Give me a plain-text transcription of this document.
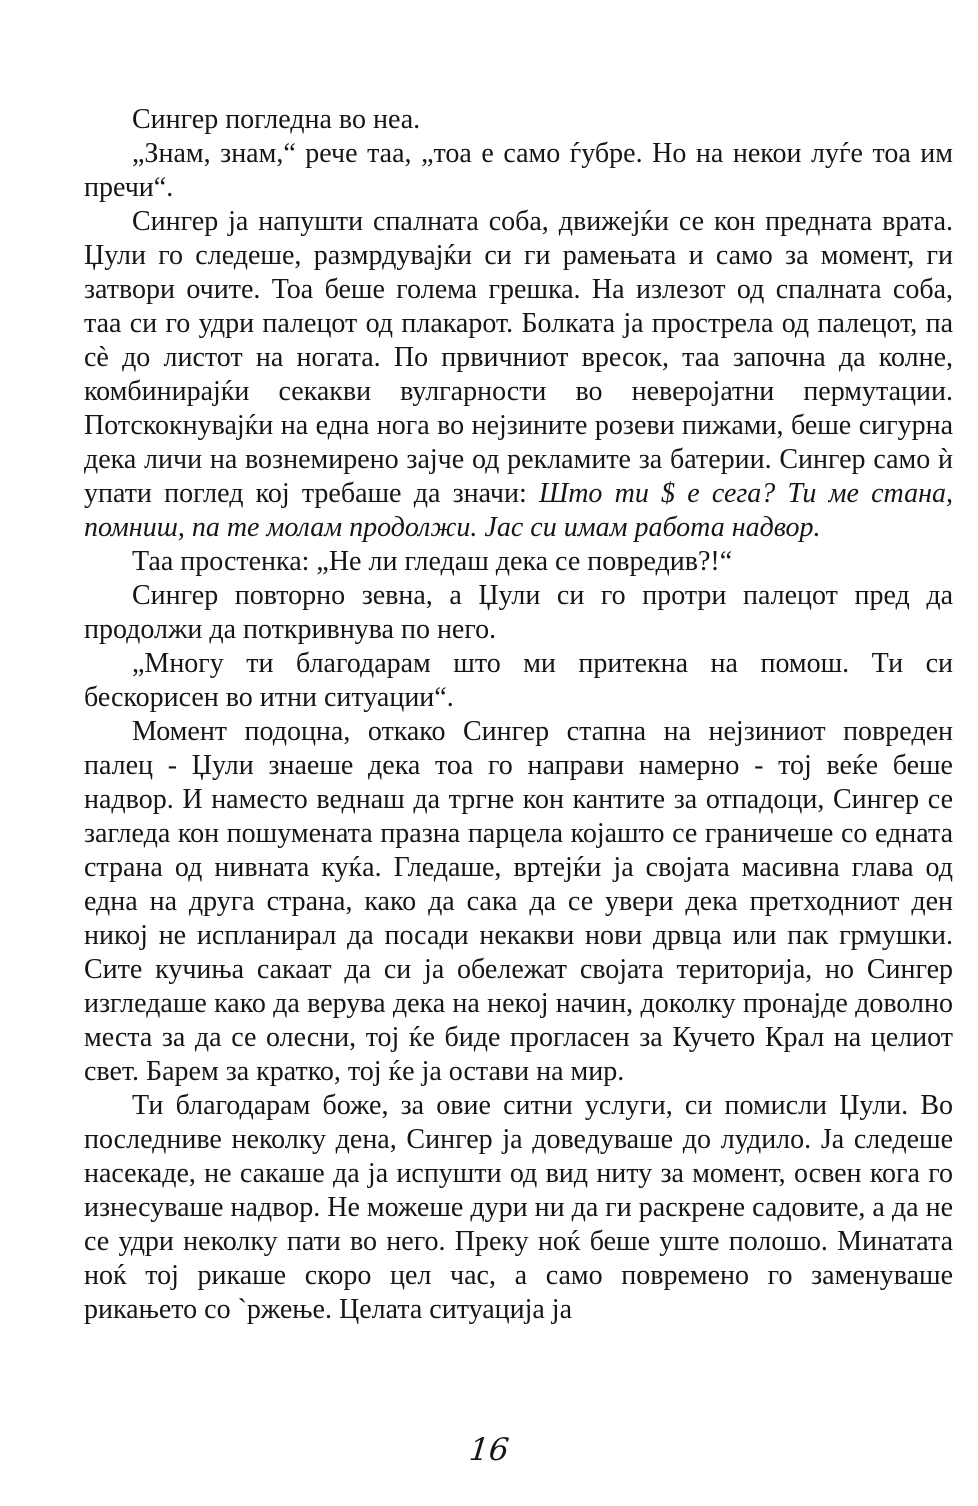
Сингер погледна во неа.

„Знам, знам,“ рече таа, „тоа е само ѓубре. Но на некои луѓе тоа им пречи“.

Сингер ја напушти спалната соба, движејќи се кон предната врата. Џули го следеше, размрдувајќи си ги рамењата и само за момент, ги затвори очите. Тоа беше голема грешка. На излезот од спалната соба, таа си го удри палецот од плакарот. Болката ја прострела од палецот, па сѐ до листот на ногата. По првичниот вресок, таа започна да колне, комбинирајќи секакви вулгарности во неверојатни пермутации. Потскокнувајќи на една нога во нејзините розеви пижами, беше сигурна дека личи на вознемирено зајче од рекламите за батерии. Сингер само ѝ упати поглед кој требаше да значи: Што ти $ е сега? Ти ме стана, помниш, па те молам продолжи. Јас си имам работа надвор.

Таа простенка: „Не ли гледаш дека се повредив?!“

Сингер повторно зевна, а Џули си го протри палецот пред да продолжи да поткривнува по него.

„Многу ти благодарам што ми притекна на помош. Ти си бескорисен во итни ситуации“.

Момент подоцна, откако Сингер стапна на нејзиниот повреден палец - Џули знаеше дека тоа го направи намерно - тој веќе беше надвор. И наместо веднаш да тргне кон кантите за отпадоци, Сингер се загледа кон пошумената празна парцела којашто се граничеше со едната страна од нивната куќа. Гледаше, вртејќи ја својата масивна глава од една на друга страна, како да сака да се увери дека претходниот ден никој не испланирал да посади некакви нови дрвца или пак грмушки. Сите кучиња сакаат да си ја обележат својата територија, но Сингер изгледаше како да верува дека на некој начин, доколку пронајде доволно места за да се олесни, тој ќе биде прогласен за Кучето Крал на целиот свет. Барем за кратко, тој ќе ја остави на мир.

Ти благодарам боже, за овие ситни услуги, си помисли Џули. Во последниве неколку дена, Сингер ја доведуваше до лудило. Ја следеше насекаде, не сакаше да ја испушти од вид ниту за момент, освен кога го изнесуваше надвор. Не можеше дури ни да ги раскрене садовите, а да не се удри неколку пати во него. Преку ноќ беше уште полошо. Минатата ноќ тој рикаше скоро цел час, а само повремено го заменуваше рикањето со `ржење. Целата ситуација ја

16
